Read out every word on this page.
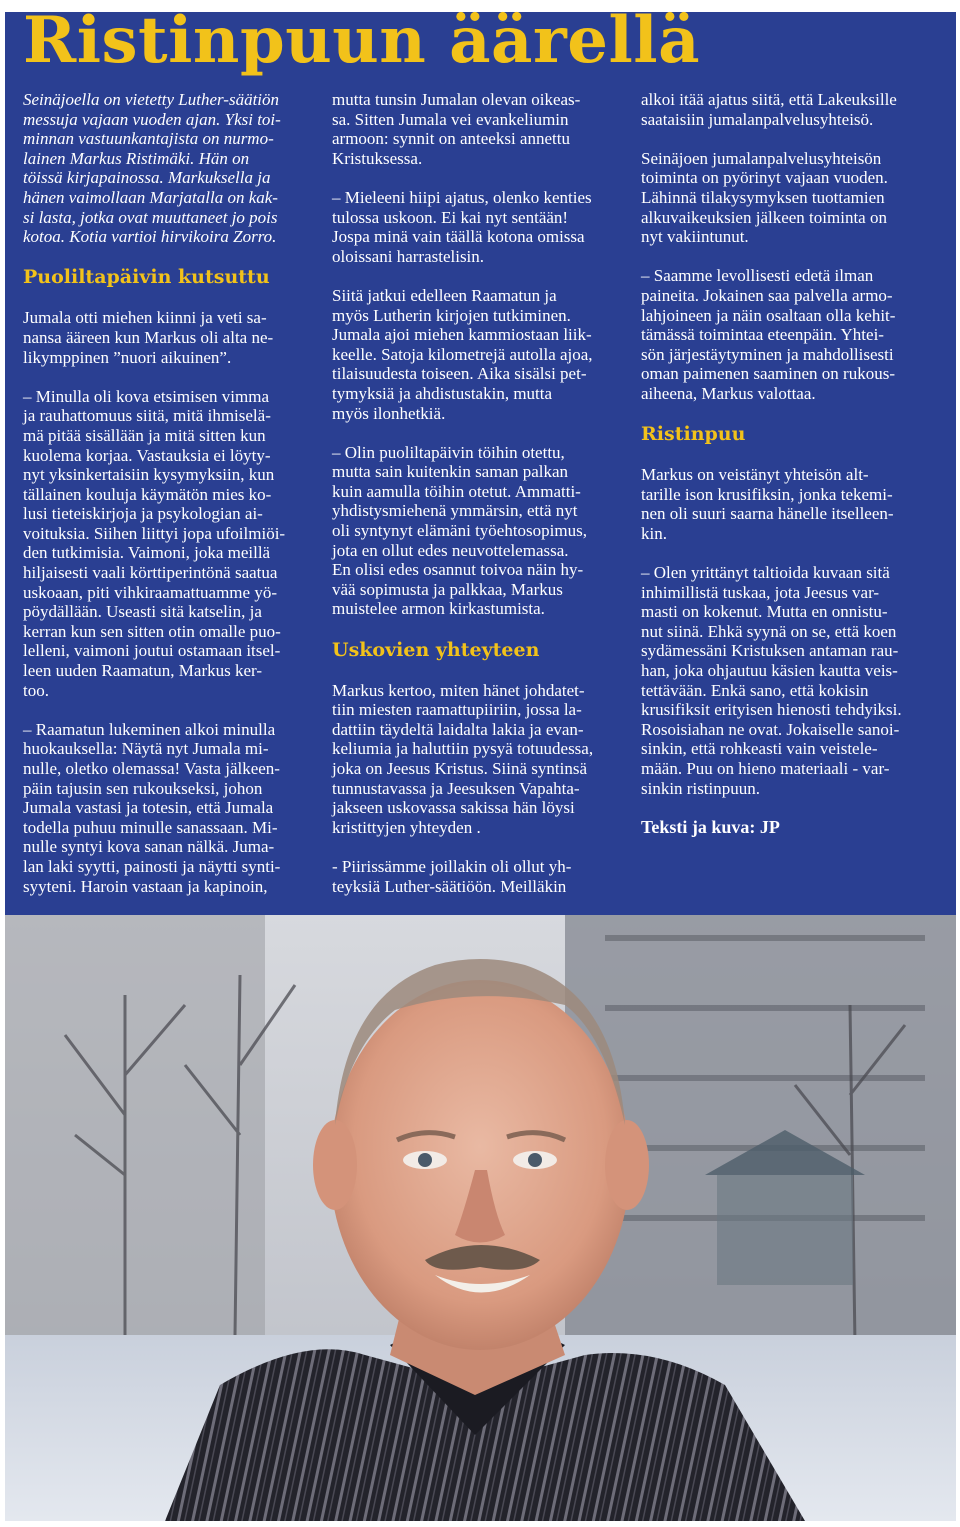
Ristinpuun äärellä

Seinäjoella on vietetty Luther-säätiön
messuja vajaan vuoden ajan. Yksi toi-
minnan vastuunkantajista on nurmo-
lainen Markus Ristimäki. Hän on
töissä kirjapainossa. Markuksella ja
hänen vaimollaan Marjatalla on kak-
si lasta, jotka ovat muuttaneet jo pois
kotoa. Kotia vartioi hirvikoira Zorro.

Puoliltapäivin kutsuttu

Jumala otti miehen kiinni ja veti sa-
nansa ääreen kun Markus oli alta ne-
likymppinen ”nuori aikuinen”.

– Minulla oli kova etsimisen vimma
ja rauhattomuus siitä, mitä ihmiselä-
mä pitää sisällään ja mitä sitten kun
kuolema korjaa. Vastauksia ei löyty-
nyt yksinkertaisiin kysymyksiin, kun
tällainen kouluja käymätön mies ko-
lusi tieteiskirjoja ja psykologian ai-
voituksia. Siihen liittyi jopa ufoilmiöi-
den tutkimisia. Vaimoni, joka meillä
hiljaisesti vaali körttiperintönä saatua
uskoaan, piti vihkiraamattuamme yö-
pöydällään. Useasti sitä katselin, ja
kerran kun sen sitten otin omalle puo-
lelleni, vaimoni joutui ostamaan itsel-
leen uuden Raamatun, Markus ker-
too.

– Raamatun lukeminen alkoi minulla
huokauksella: Näytä nyt Jumala mi-
nulle, oletko olemassa! Vasta jälkeen-
päin tajusin sen rukoukseksi, johon
Jumala vastasi ja totesin, että Jumala
todella puhuu minulle sanassaan. Mi-
nulle syntyi kova sanan nälkä. Juma-
lan laki syytti, painosti ja näytti synti-
syyteni. Haroin vastaan ja kapinoin,

mutta tunsin Jumalan olevan oikeas-
sa. Sitten Jumala vei evankeliumin
armoon: synnit on anteeksi annettu
Kristuksessa.

– Mieleeni hiipi ajatus, olenko kenties
tulossa uskoon. Ei kai nyt sentään!
Jospa minä vain täällä kotona omissa
oloissani harrastelisin.

Siitä jatkui edelleen Raamatun ja
myös Lutherin kirjojen tutkiminen.
Jumala ajoi miehen kammiostaan liik-
keelle. Satoja kilometrejä autolla ajoa,
tilaisuudesta toiseen. Aika sisälsi pet-
tymyksiä ja ahdistustakin, mutta
myös ilonhetkiä.

– Olin puoliltapäivin töihin otettu,
mutta sain kuitenkin saman palkan
kuin aamulla töihin otetut. Ammatti-
yhdistysmiehenä ymmärsin, että nyt
oli syntynyt elämäni työehtosopimus,
jota en ollut edes neuvottelemassa.
En olisi edes osannut toivoa näin hy-
vää sopimusta ja palkkaa, Markus
muistelee armon kirkastumista.

Uskovien yhteyteen

Markus kertoo, miten hänet johdatet-
tiin miesten raamattupiiriin, jossa la-
dattiin täydeltä laidalta lakia ja evan-
keliumia ja haluttiin pysyä totuudessa,
joka on Jeesus Kristus. Siinä syntinsä
tunnustavassa ja Jeesuksen Vapahta-
jakseen uskovassa sakissa hän löysi
kristittyjen yhteyden .

- Piirissämme joillakin oli ollut yh-
teyksiä Luther-säätiöön. Meilläkin

alkoi itää ajatus siitä, että Lakeuksille
saataisiin jumalanpalvelusyhteisö.

Seinäjoen jumalanpalvelusyhteisön
toiminta on pyörinyt vajaan vuoden.
Lähinnä tilakysymyksen tuottamien
alkuvaikeuksien jälkeen toiminta on
nyt vakiintunut.

– Saamme levollisesti edetä ilman
paineita. Jokainen saa palvella armo-
lahjoineen ja näin osaltaan olla kehit-
tämässä toimintaa eteenpäin. Yhtei-
sön järjestäytyminen ja mahdollisesti
oman paimenen saaminen on rukous-
aiheena, Markus valottaa.

Ristinpuu

Markus on veistänyt yhteisön alt-
tarille ison krusifiksin, jonka tekemi-
nen oli suuri saarna hänelle itselleen-
kin.

– Olen yrittänyt taltioida kuvaan sitä
inhimillistä tuskaa, jota Jeesus var-
masti on kokenut. Mutta en onnistu-
nut siinä. Ehkä syynä on se, että koen
sydämessäni Kristuksen antaman rau-
han, joka ohjautuu käsien kautta veis-
tettävään. Enkä sano, että kokisin
krusifiksit erityisen hienosti tehdyiksi.
Rosoisiahan ne ovat. Jokaiselle sanoi-
sinkin, että rohkeasti vain veistele-
mään. Puu on hieno materiaali - var-
sinkin ristinpuun.

Teksti ja kuva: JP
